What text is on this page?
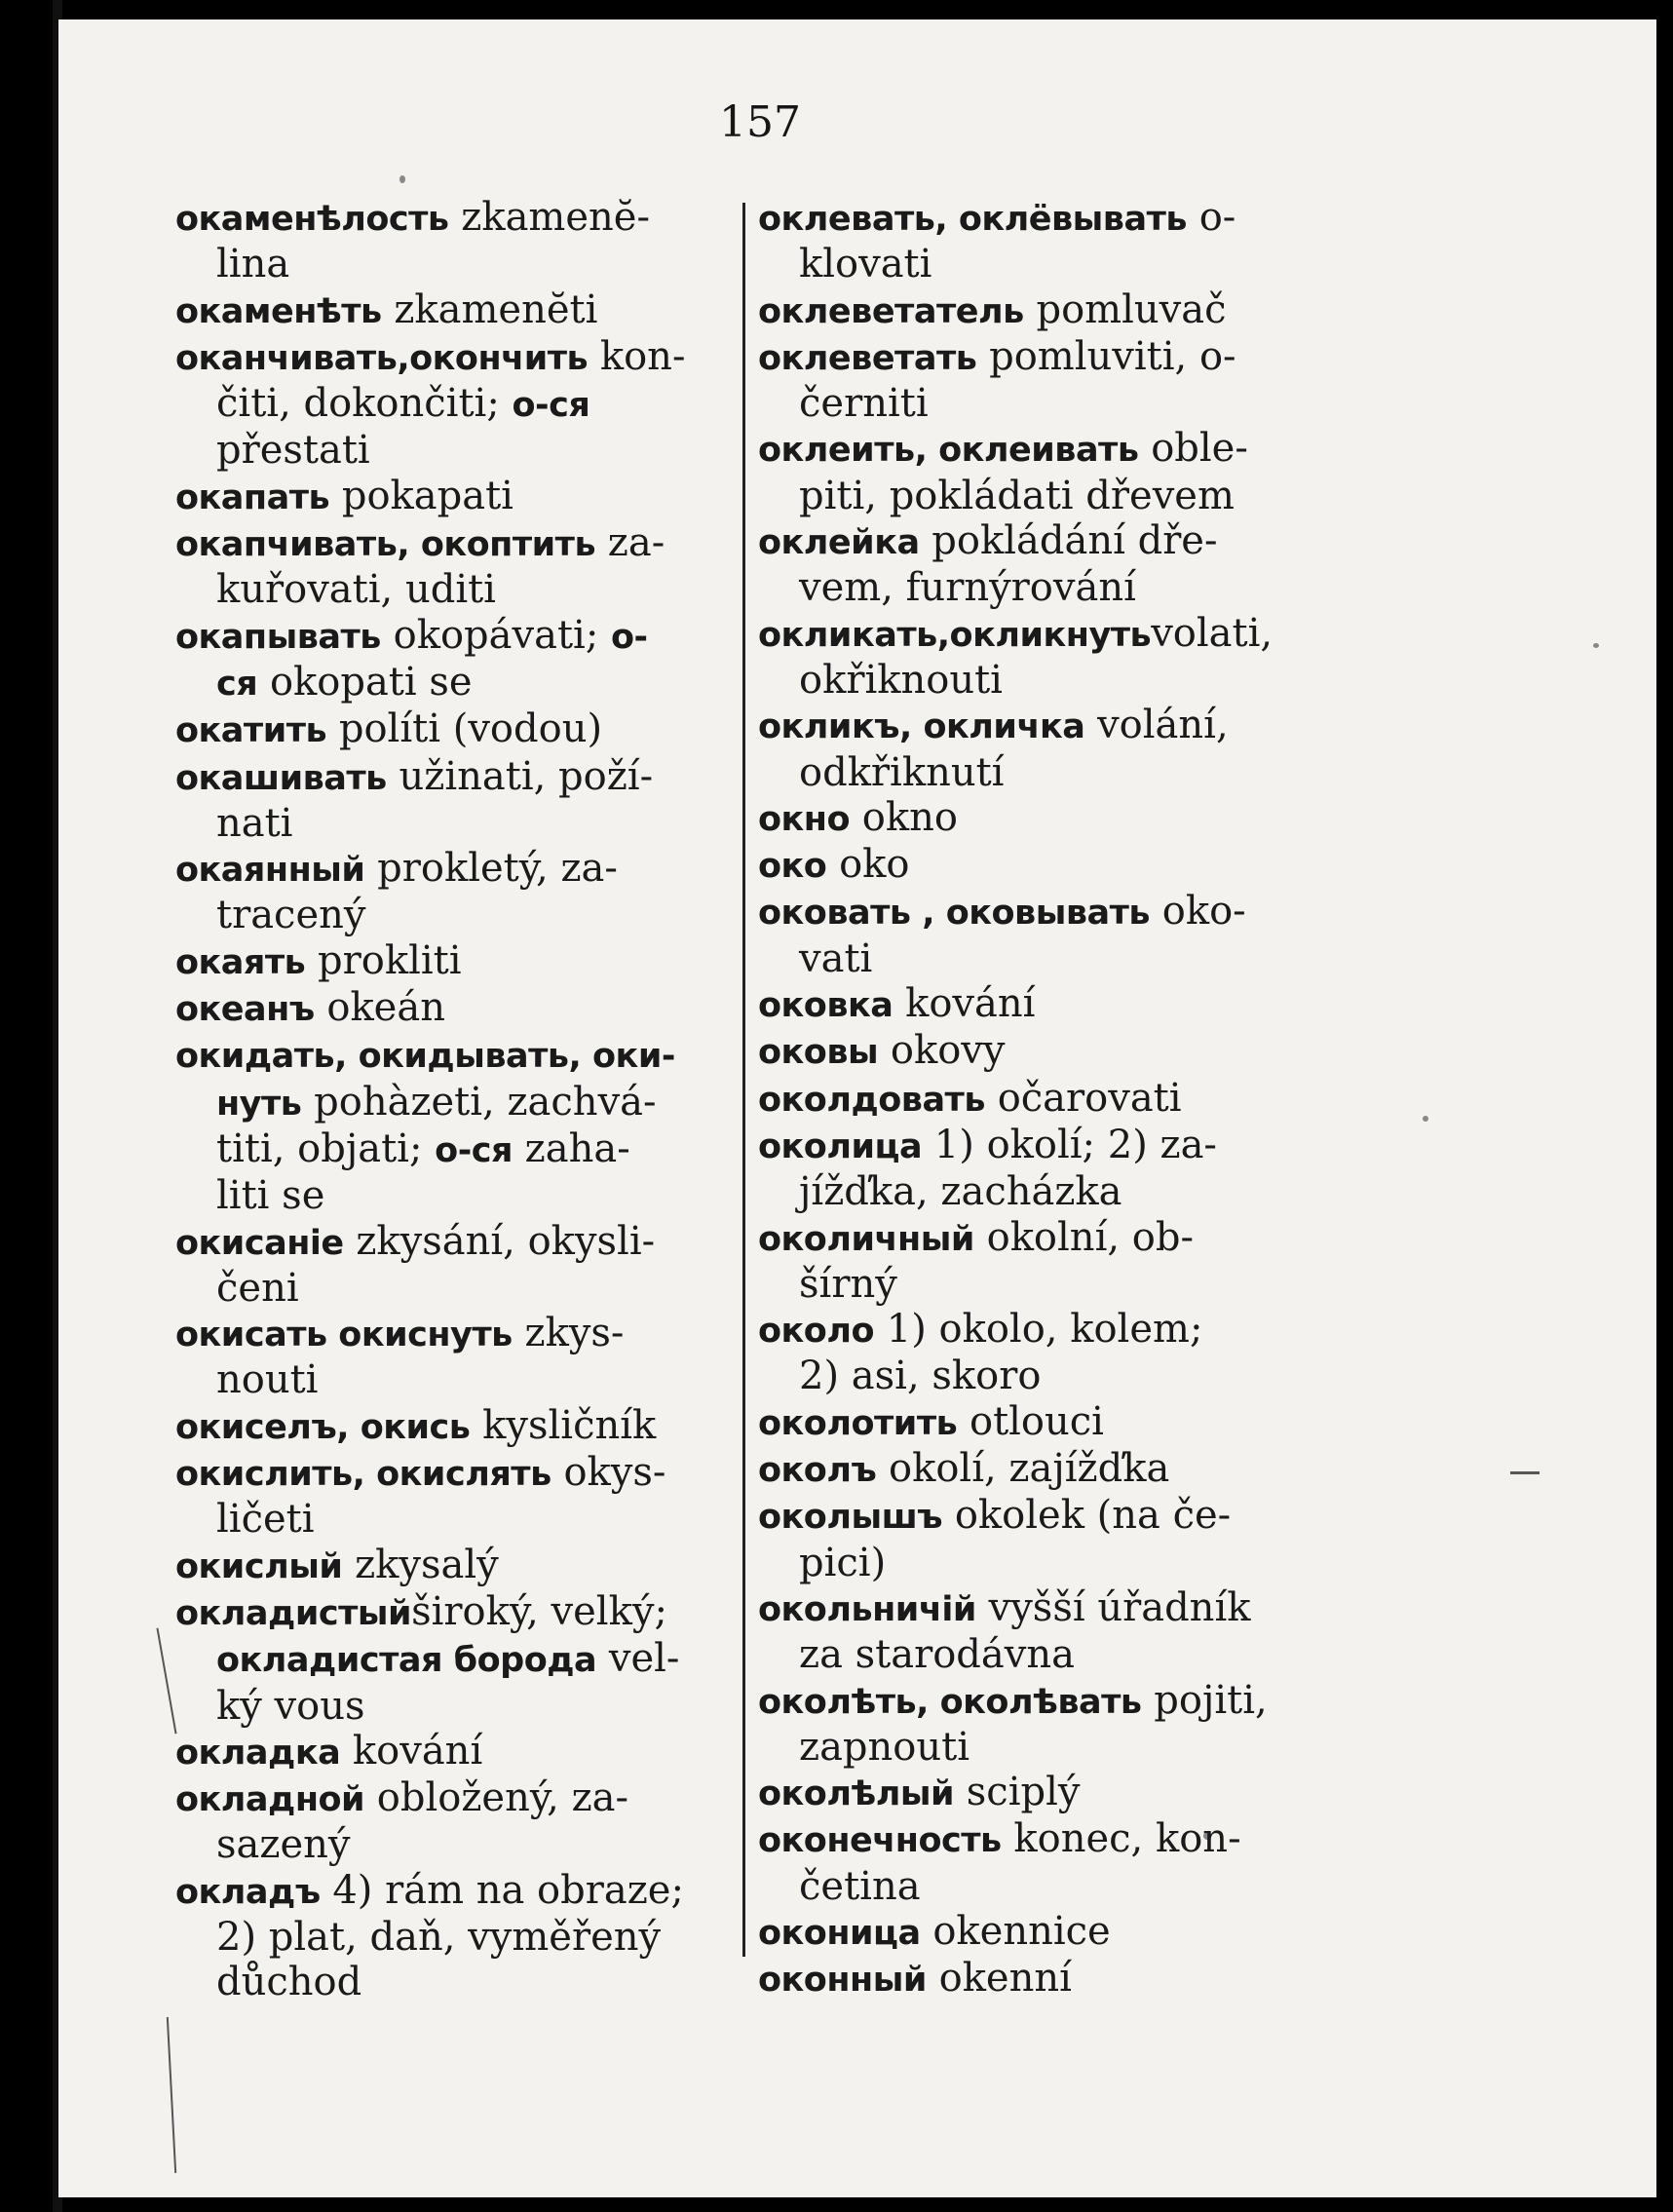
157
окаменѣлость zkamenĕ-
lina
окаменѣть zkamenĕti
оканчивать,окончить kon-
čiti, dokončiti; о-ся
přestati
окапать pokapati
окапчивать, окоптить za-
kuřovati, uditi
окапывать okopávati; о-
ся okopati se
окатить políti (vodou)
окашивать užinati, poží-
nati
окаянный prokletý, za-
tracený
окаять prokliti
океанъ okeán
окидать, окидывать, оки-
нуть pohàzeti, zachvá-
titi, objati; о-ся zaha-
liti se
окисаніе zkysání, okysli-
čeni
окисать окиснуть zkys-
nouti
окиселъ, окись kysličník
окислить, окислять okys-
ličeti
окислый zkysalý
окладистыйširoký, velký;
окладистая борода vel-
ký vous
окладка kování
окладной obložený, za-
sazený
окладъ 4) rám na obraze;
2) plat, daň, vyměřený
důchod
оклевать, оклёвывать o-
klovati
оклеветатель pomluvač
оклеветать pomluviti, o-
černiti
оклеить, оклеивать oble-
piti, pokládati dřevem
оклейка pokládání dře-
vem, furnýrování
окликать,окликнутьvolati,
okřiknouti
окликъ, окличка volání,
odkřiknutí
окно okno
око oko
оковать , оковывать oko-
vati
оковка kování
оковы okovy
околдовать očarovati
околица 1) okolí; 2) za-
jížďka, zacházka
околичный okolní, ob-
šírný
около 1) okolo, kolem;
2) asi, skoro
околотить otlouci
околъ okolí, zajížďka
околышъ okolek (na če-
pici)
окольничій vyšší úřadník
za starodávna
околѣть, околѣвать pojiti,
zapnouti
околѣлый sciplý
оконечность konec, kon-
četina
оконица okennice
оконный okenní
